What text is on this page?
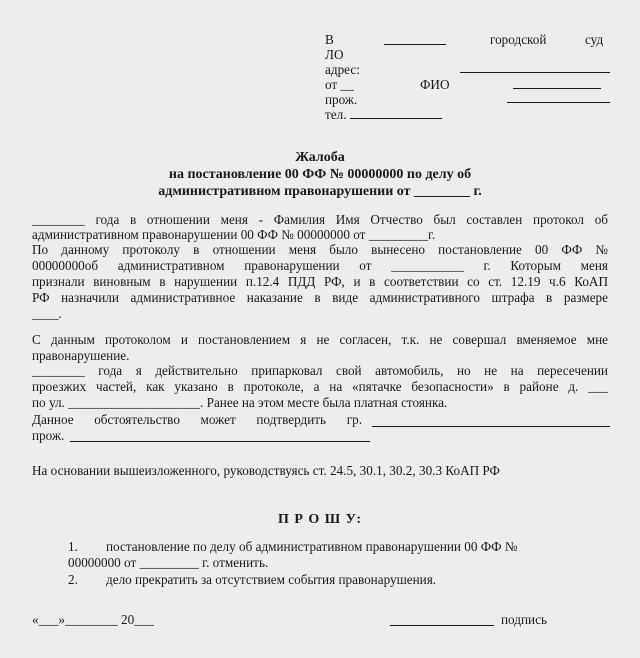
В	городской	суд
ЛО
адрес:
от __	ФИО
прож.
тел.
Жалоба
на постановление 00 ФФ № 00000000 по делу об
административном правонарушении от ________ г.
________ года в отношении меня - Фамилия Имя Отчество был составлен протокол об
административном правонарушении 00 ФФ № 00000000 от _________г.
По данному протоколу в отношении меня было вынесено постановление 00 ФФ №
00000000об административном правонарушении от ___________ г. Которым меня
признали виновным в нарушении п.12.4 ПДД РФ, и в соответствии со ст. 12.19 ч.6 КоАП
РФ назначили административное наказание в виде административного штрафа в размере
____.
С данным протоколом и постановлением я не согласен, т.к. не совершал вменяемое мне
правонарушение.
________ года я действительно припарковал свой автомобиль, но не на пересечении
проезжих частей, как указано в протоколе, а на «пятачке безопасности» в районе д. ___
по ул. ____________________. Ранее на этом месте была платная стоянка.
Данное обстоятельство может подтвердить гр.
прож.
На основании вышеизложенного, руководствуясь ст. 24.5, 30.1, 30.2, 30.3 КоАП РФ
П Р О Ш У:
1. постановление по делу об административном правонарушении 00 ФФ №
00000000 от _________ г. отменить.
2. дело прекратить за отсутствием события правонарушения.
«___»________ 20___	подпись
